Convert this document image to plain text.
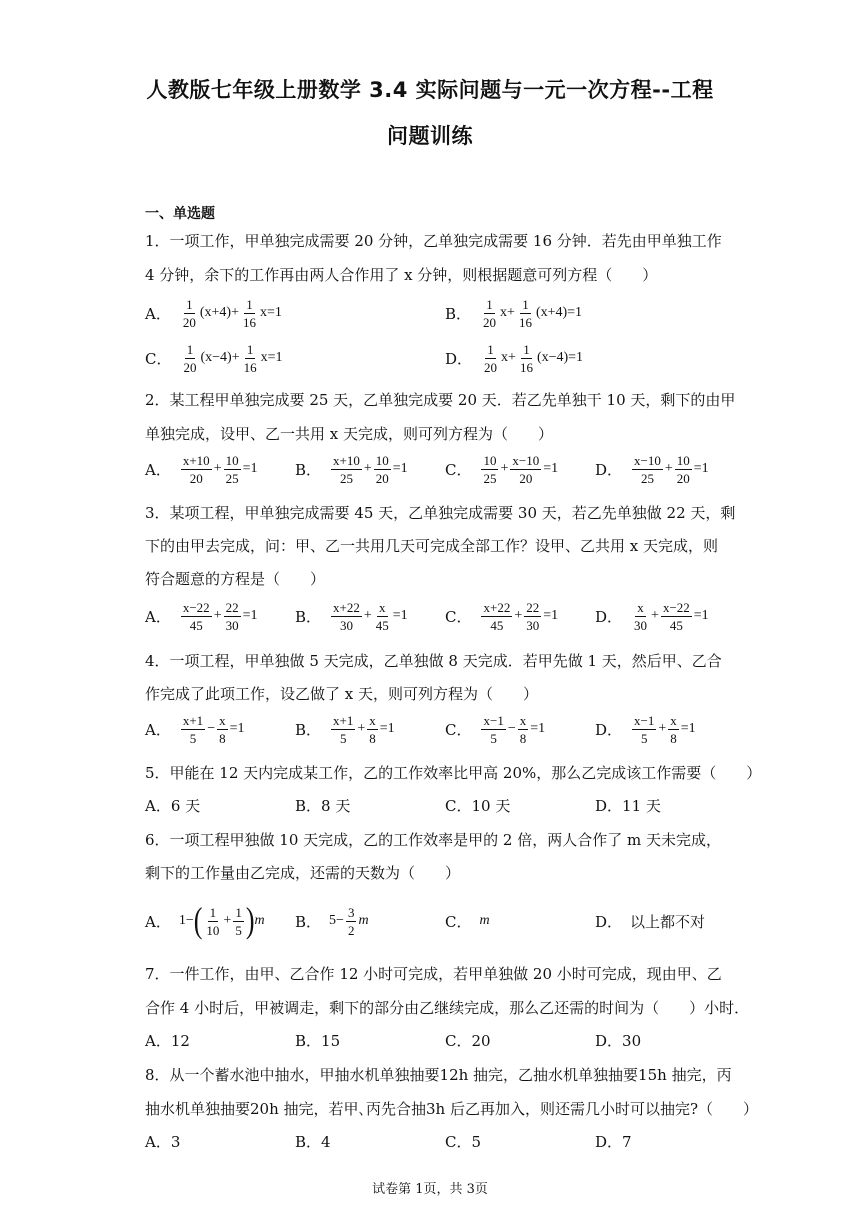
人教版七年级上册数学 3.4 实际问题与一元一次方程--工程
问题训练
一、单选题
1．一项工作，甲单独完成需要 20 分钟，乙单独完成需要 16 分钟．若先由甲单独工作
4 分钟，余下的工作再由两人合作用了 x 分钟，则根据题意可列方程（　　）
A． $\frac{1}{20} (x+4)+ \frac{1}{16} x=1$	B． $\frac{1}{20} x+ \frac{1}{16} (x+4)=1$
C． $\frac{1}{20} (x-4)+ \frac{1}{16} x=1$	D． $\frac{1}{20} x+ \frac{1}{16} (x-4)=1$
2．某工程甲单独完成要 25 天，乙单独完成要 20 天．若乙先单独干 10 天，剩下的由甲
单独完成，设甲、乙一共用 x 天完成，则可列方程为（　　）
A． $\frac{x+10}{20} + \frac{10}{25} =1$	B． $\frac{x+10}{25} + \frac{10}{20} =1$ C． $\frac{10}{25} + \frac{x-10}{20} =1$ D． $\frac{x-10}{25} + \frac{10}{20} =1$
3．某项工程，甲单独完成需要 45 天，乙单独完成需要 30 天，若乙先单独做 22 天，剩
下的由甲去完成，问：甲、乙一共用几天可完成全部工作？设甲、乙共用 x 天完成，则
符合题意的方程是（　　）
A． $\frac{x-22}{45} + \frac{22}{30} =1$	B． $\frac{x+22}{30} + \frac{x}{45} =1$ C． $\frac{x+22}{45} + \frac{22}{30} =1$ D． $\frac{x}{30} + \frac{x-22}{45} =1$
4．一项工程，甲单独做 5 天完成，乙单独做 8 天完成．若甲先做 1 天，然后甲、乙合
作完成了此项工作，设乙做了 x 天，则可列方程为（　　）
A． $\frac{x+1}{5} - \frac{x}{8} =1$	B． $\frac{x+1}{5} + \frac{x}{8} =1$	C． $\frac{x-1}{5} - \frac{x}{8} =1$	D． $\frac{x-1}{5} + \frac{x}{8} =1$
5．甲能在 12 天内完成某工作，乙的工作效率比甲高 20%，那么乙完成该工作需要（　　）
A．6 天	B．8 天	C．10 天	D．11 天
6．一项工程甲独做 10 天完成，乙的工作效率是甲的 2 倍，两人合作了 m 天未完成，
剩下的工作量由乙完成，还需的天数为（　　）
A． 1− ( $\frac{1}{10} + \frac{1}{5}$ ) m B． $5- \frac{3}{2}$ m	C． m	D． 以上都不对
7．一件工作，由甲、乙合作 12 小时可完成，若甲单独做 20 小时可完成，现由甲、乙
合作 4 小时后，甲被调走，剩下的部分由乙继续完成，那么乙还需的时间为（　　）小时．
A．12	B．15	C．20	D．30
8．从一个蓄水池中抽水，甲抽水机单独抽要12h 抽完，乙抽水机单独抽要15h 抽完，丙
抽水机单独抽要20h 抽完，若甲､丙先合抽3h 后乙再加入，则还需几小时可以抽完?（　　）
A．3	B．4	C．5	D．7
试卷第 1页，共 3页
